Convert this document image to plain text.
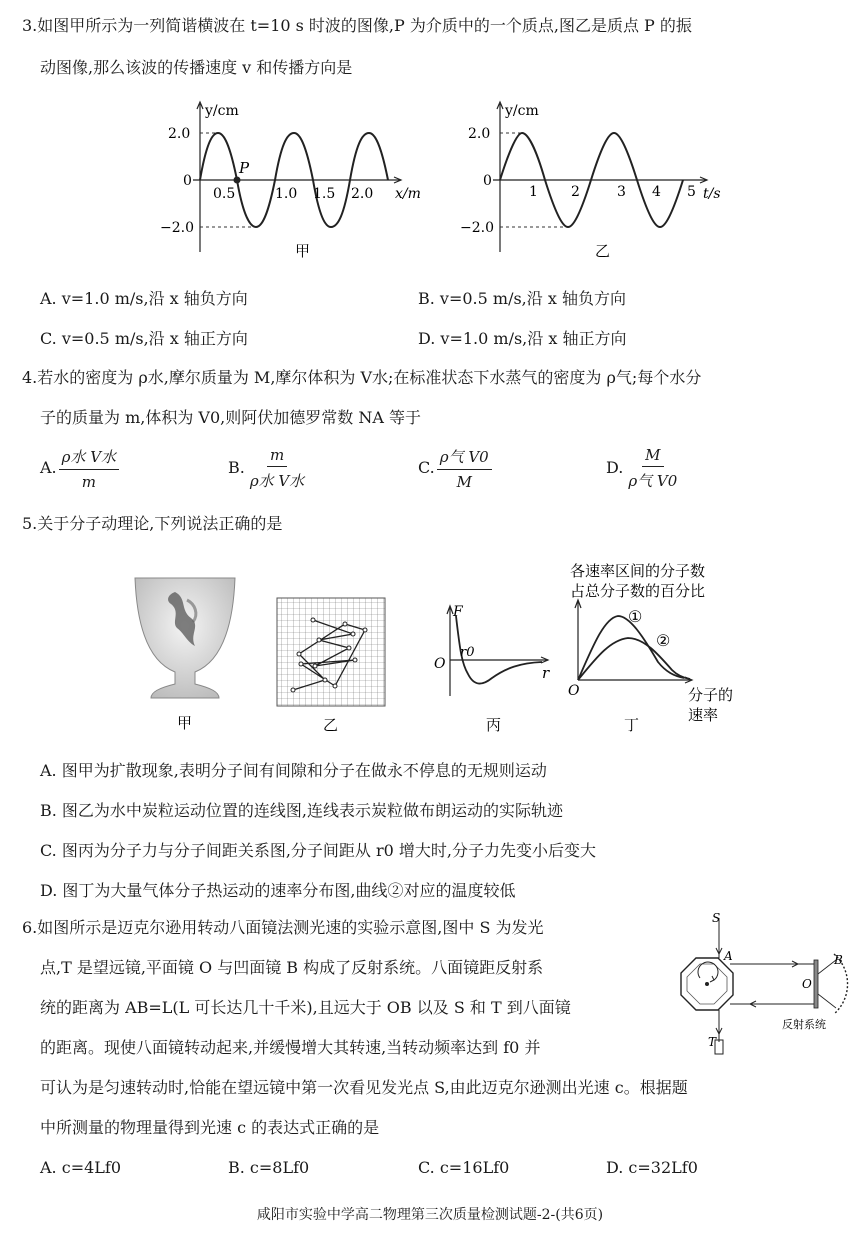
3.如图甲所示为一列简谐横波在 t=10 s 时波的图像,P 为介质中的一个质点,图乙是质点 P 的振
动图像,那么该波的传播速度 v 和传播方向是
P
y/cm
2.0
0
−2.0
0.5	1.0 1.5 2.0 x/m
甲
y/cm
2.0
0
−2.0
1 2	3 4 5 t/s
乙
A. v=1.0 m/s,沿 x 轴负方向	B. v=0.5 m/s,沿 x 轴负方向
C. v=0.5 m/s,沿 x 轴正方向	D. v=1.0 m/s,沿 x 轴正方向
4.若水的密度为 ρ水,摩尔质量为 M,摩尔体积为 V水;在标准状态下水蒸气的密度为 ρ气;每个水分
子的质量为 m,体积为 V0,则阿伏加德罗常数 NA 等于
A. $\frac{\text{ρ水 V水}}{m}$	B. $\frac{m}{\text{ρ水 V水}}$	C. $\frac{\text{ρ气 V0}}{M}$	D. $\frac{M}{\text{ρ气 V0}}$
5.关于分子动理论,下列说法正确的是
甲	乙
F
O
r0
r
丙
各速率区间的分子数
占总分子数的百分比
①
②
O	分子的
速率
丁
A. 图甲为扩散现象,表明分子间有间隙和分子在做永不停息的无规则运动
B. 图乙为水中炭粒运动位置的连线图,连线表示炭粒做布朗运动的实际轨迹
C. 图丙为分子力与分子间距关系图,分子间距从 r0 增大时,分子力先变小后变大
D. 图丁为大量气体分子热运动的速率分布图,曲线②对应的温度较低
6.如图所示是迈克尔逊用转动八面镜法测光速的实验示意图,图中 S 为发光
点,T 是望远镜,平面镜 O 与凹面镜 B 构成了反射系统。八面镜距反射系
统的距离为 AB=L(L 可长达几十千米),且远大于 OB 以及 S 和 T 到八面镜
的距离。现使八面镜转动起来,并缓慢增大其转速,当转动频率达到 f0 并
可认为是匀速转动时,恰能在望远镜中第一次看见发光点 S,由此迈克尔逊测出光速 c。根据题
中所测量的物理量得到光速 c 的表达式正确的是
S
A	B
O
T
反射系统
A. c=4Lf0	B. c=8Lf0	C. c=16Lf0	D. c=32Lf0
咸阳市实验中学高二物理第三次质量检测试题-2-(共6页)
